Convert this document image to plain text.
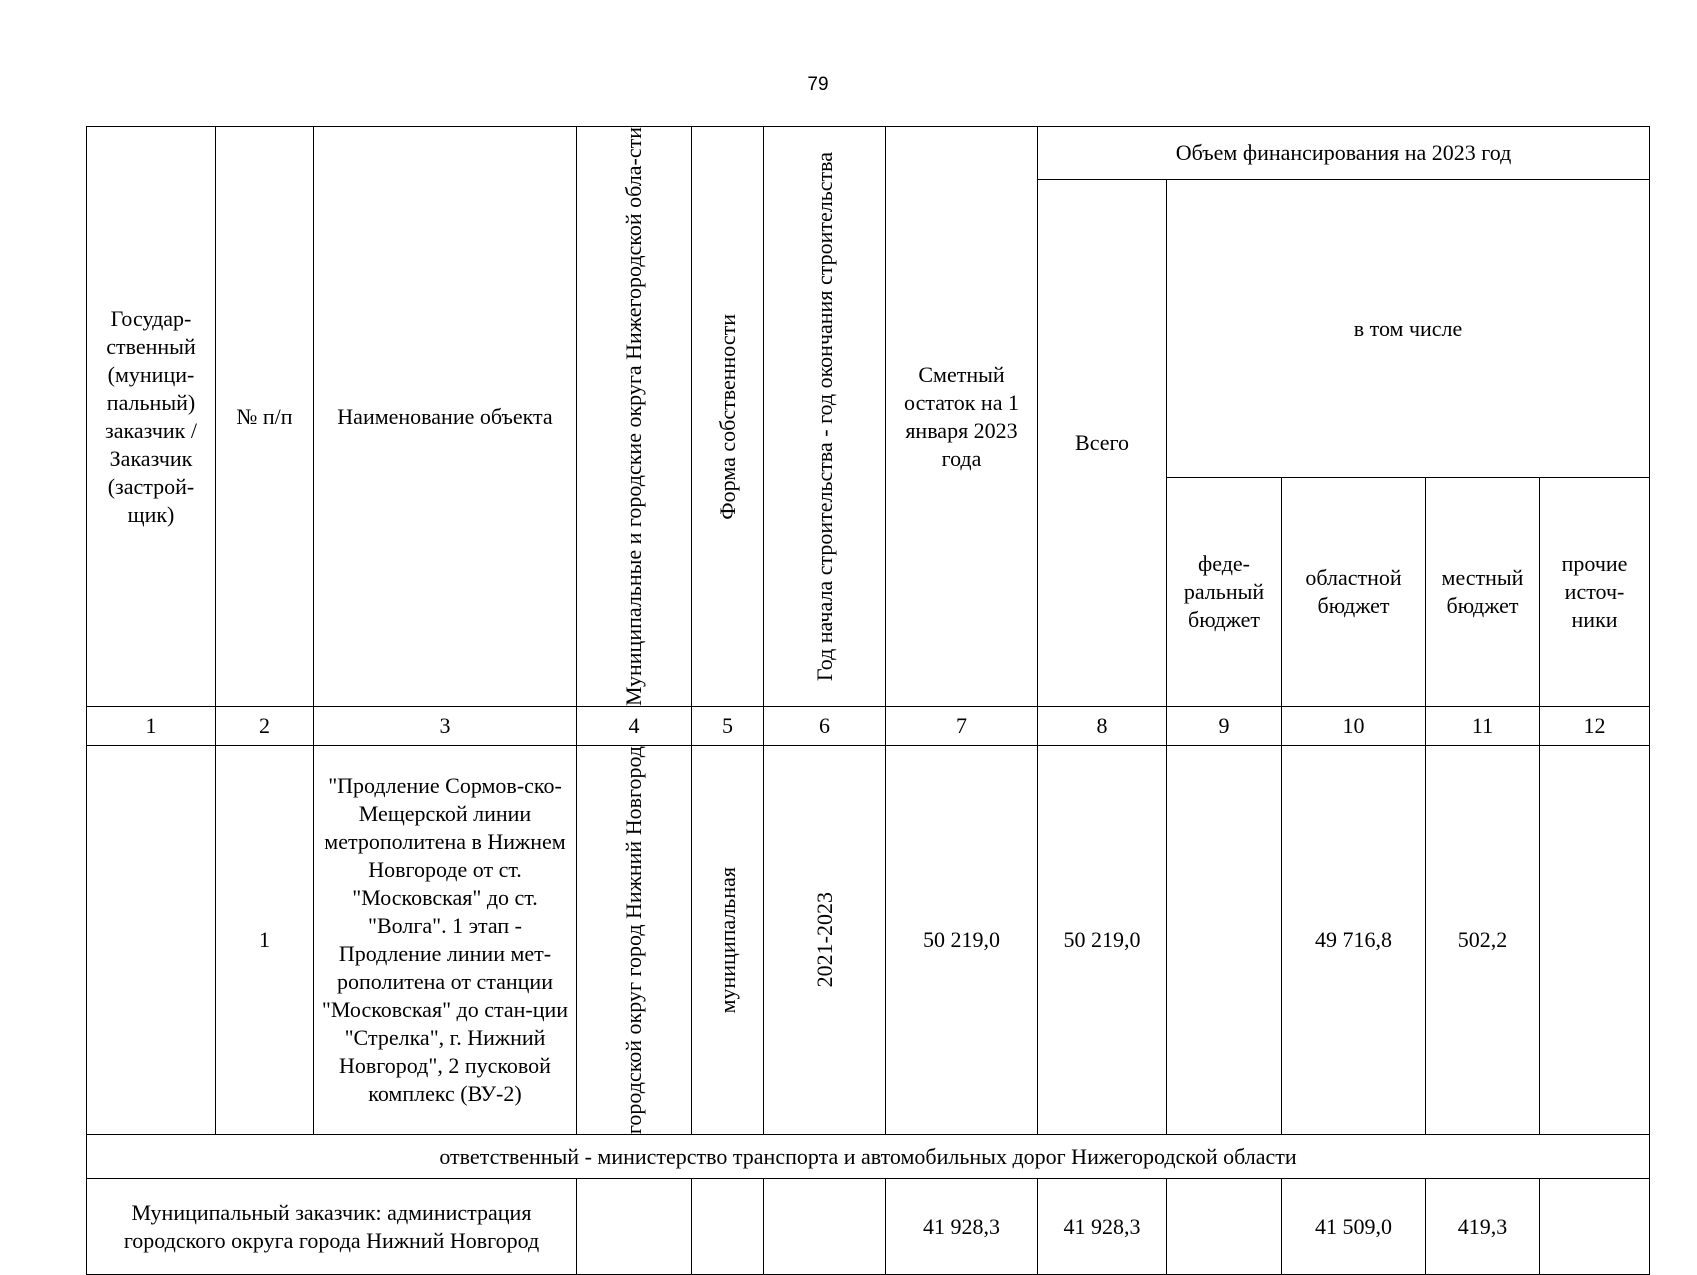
79
Государ-ственный (муници-пальный) заказчик / Заказчик (застрой-щик)	№ п/п	Наименование объекта	Муниципальные и городские округа Нижегородской обла-сти	Форма собственности	Год начала строительства - год окончания строительства	Сметный остаток на 1 января 2023 года	Объем финансирования на 2023 год				
							Всего	в том числе			
								феде-ральный бюджет	областной бюджет	местный бюджет	прочие источ-ники
1	2	3	4	5	6	7	8	9	10	11	12
	1	"Продление Сормов-ско-Мещерской линии метрополитена в Нижнем Новгороде от ст. "Московская" до ст. "Волга". 1 этап - Продление линии мет-рополитена от станции "Московская" до стан-ции "Стрелка", г. Нижний Новгород", 2 пусковой комплекс (ВУ-2)	городской округ город Нижний Новгород	муниципальная	2021-2023	50 219,0	50 219,0		49 716,8	502,2	
ответственный - министерство транспорта и автомобильных дорог Нижегородской области											
Муниципальный заказчик: администрация городского округа города Нижний Новгород						41 928,3	41 928,3		41 509,0	419,3	
